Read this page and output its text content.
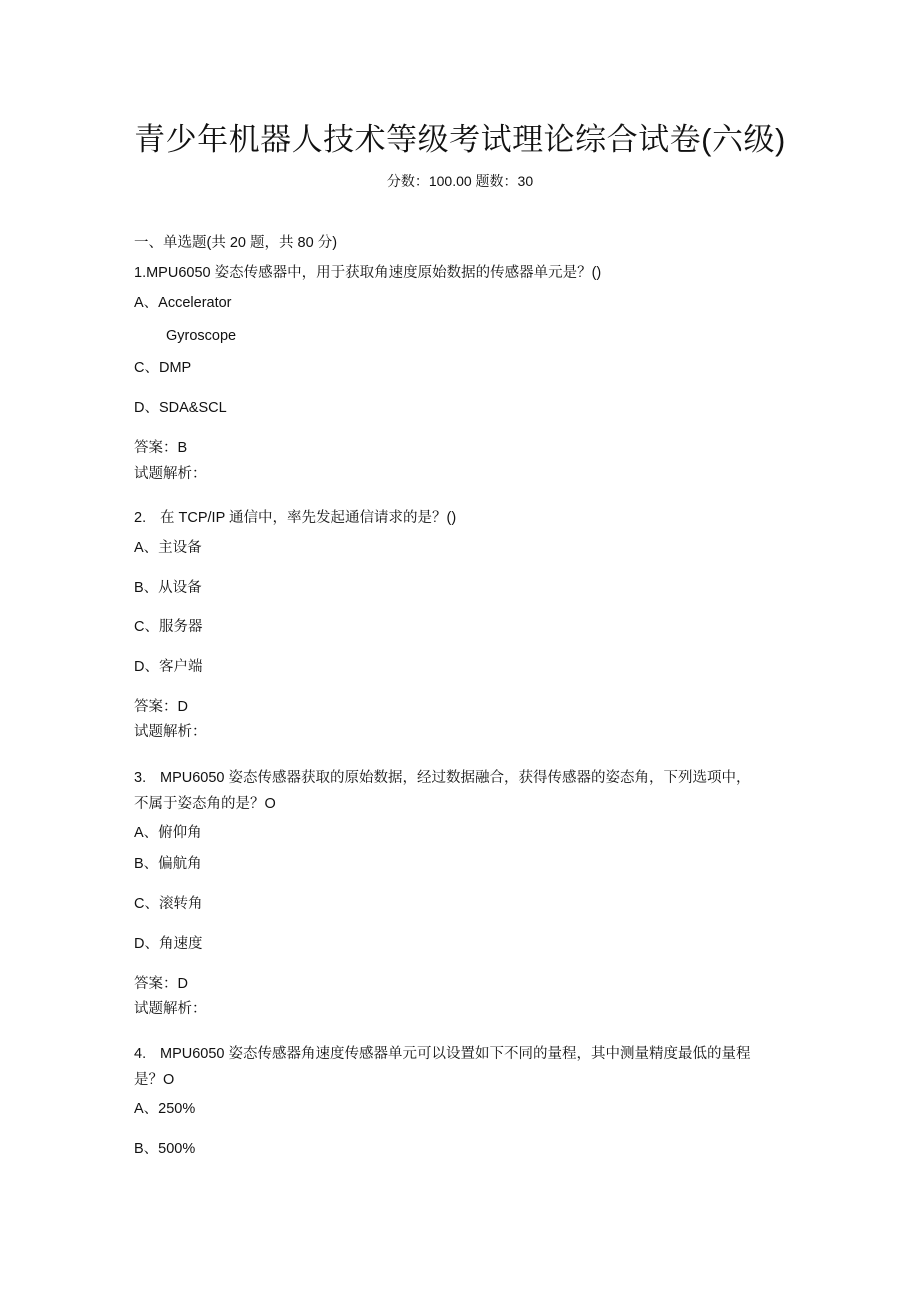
青少年机器人技术等级考试理论综合试卷(六级)
分数：100.00 题数：30
一、单选题(共 20 题，共 80 分)
1.MPU6050 姿态传感器中，用于获取角速度原始数据的传感器单元是？()
A、Accelerator
Gyroscope
C、DMP
D、SDA&SCL
答案：B
试题解析：
2. 在 TCP/IP 通信中，率先发起通信请求的是？()
A、主设备
B、从设备
C、服务器
D、客户端
答案：D
试题解析：
3. MPU6050 姿态传感器获取的原始数据，经过数据融合，获得传感器的姿态角，下列选项中，
不属于姿态角的是？O
A、俯仰角
B、偏航角
C、滚转角
D、角速度
答案：D
试题解析：
4. MPU6050 姿态传感器角速度传感器单元可以设置如下不同的量程，其中测量精度最低的量程
是？O
A、250%
B、500%
